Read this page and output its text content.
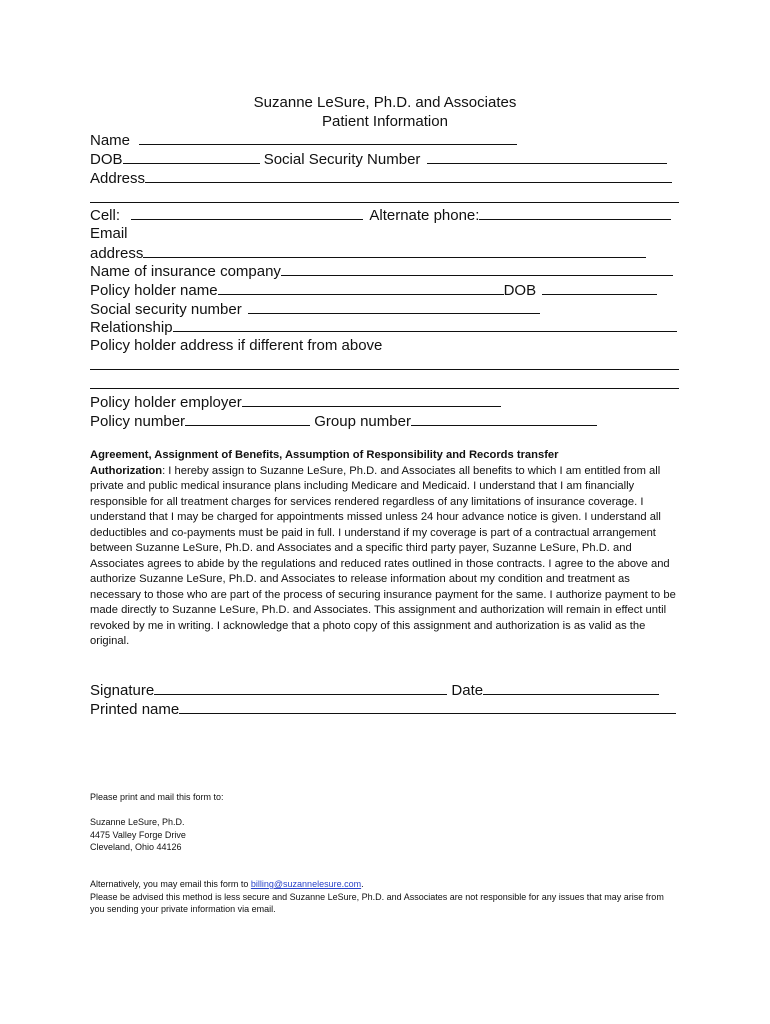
Suzanne LeSure, Ph.D. and Associates
Patient Information
Name
DOB	Social Security Number
Address
Cell:	Alternate phone:
Email
address
Name of insurance company
Policy holder name	DOB
Social security number
Relationship
Policy holder address if different from above
Policy holder employer
Policy number	Group number
Agreement, Assignment of Benefits, Assumption of Responsibility and Records transfer
Authorization: I hereby assign to Suzanne LeSure, Ph.D. and Associates all benefits to which I am entitled from all private and public medical insurance plans including Medicare and Medicaid. I understand that I am financially responsible for all treatment charges for services rendered regardless of any limitations of insurance coverage. I understand that I may be charged for appointments missed unless 24 hour advance notice is given. I understand all deductibles and co-payments must be paid in full. I understand if my coverage is part of a contractual arrangement between Suzanne LeSure, Ph.D. and Associates and a specific third party payer, Suzanne LeSure, Ph.D. and Associates agrees to abide by the regulations and reduced rates outlined in those contracts. I agree to the above and authorize Suzanne LeSure, Ph.D. and Associates to release information about my condition and treatment as necessary to those who are part of the process of securing insurance payment for the same. I authorize payment to be made directly to Suzanne LeSure, Ph.D. and Associates. This assignment and authorization will remain in effect until revoked by me in writing. I acknowledge that a photo copy of this assignment and authorization is as valid as the original.
Signature	Date
Printed name
Please print and mail this form to:
Suzanne LeSure, Ph.D.
4475 Valley Forge Drive
Cleveland, Ohio 44126
Alternatively, you may email this form to billing@suzannelesure.com.
Please be advised this method is less secure and Suzanne LeSure, Ph.D. and Associates are not responsible for any issues that may arise from you sending your private information via email.
